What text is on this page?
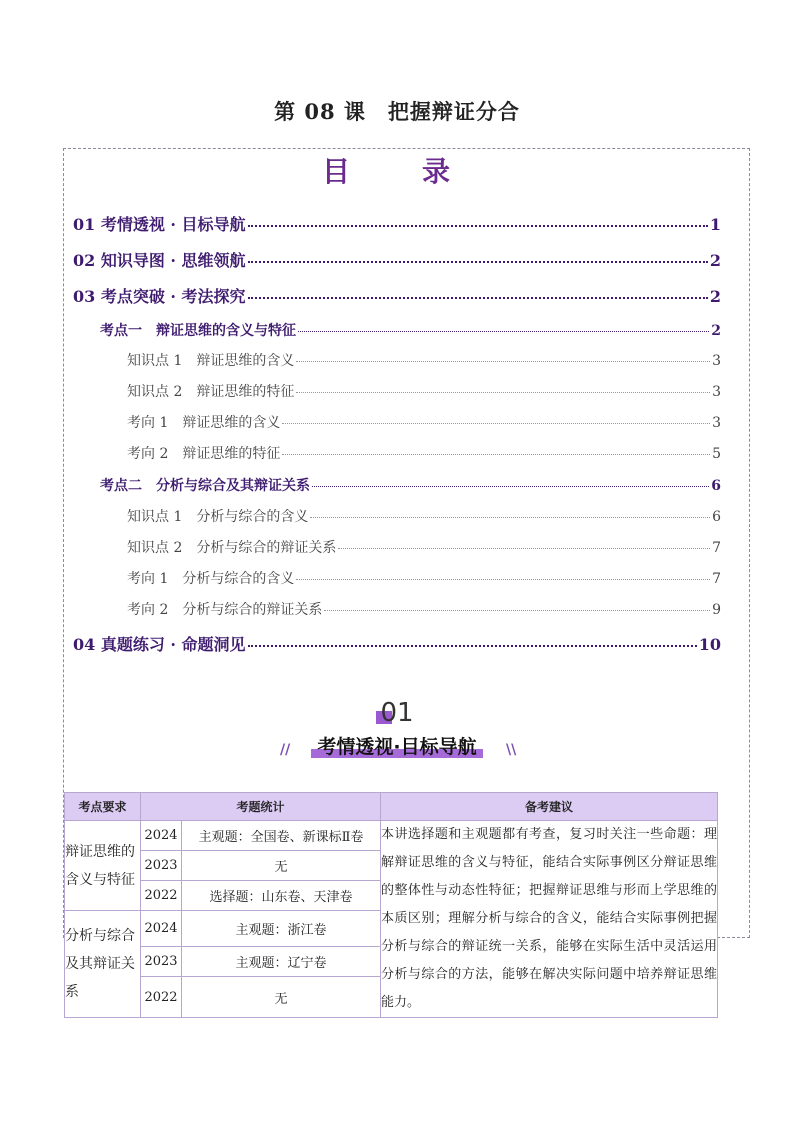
第 08 课　把握辩证分合
目　录
01 考情透视 · 目标导航	1
02 知识导图 · 思维领航	2
03 考点突破 · 考法探究	2
考点一　辩证思维的含义与特征	2
知识点 1　辩证思维的含义	3
知识点 2　辩证思维的特征	3
考向 1　辩证思维的含义	3
考向 2　辩证思维的特征	5
考点二　分析与综合及其辩证关系	6
知识点 1　分析与综合的含义	6
知识点 2　分析与综合的辩证关系	7
考向 1　分析与综合的含义	7
考向 2　分析与综合的辩证关系	9
04 真题练习 · 命题洞见	10
01
//	考情透视·目标导航	\\
考点要求	考题统计		备考建议
辩证思维的含义与特征	2024	主观题：全国卷、新课标Ⅱ卷	本讲选择题和主观题都有考查，复习时关注一些命题：理解辩证思维的含义与特征，能结合实际事例区分辩证思维的整体性与动态性特征；把握辩证思维与形而上学思维的本质区别；理解分析与综合的含义，能结合实际事例把握分析与综合的辩证统一关系，能够在实际生活中灵活运用分析与综合的方法，能够在解决实际问题中培养辩证思维能力。
	2023	无	
	2022	选择题：山东卷、天津卷	
分析与综合及其辩证关系	2024	主观题：浙江卷	
	2023	主观题：辽宁卷	
	2022	无	
